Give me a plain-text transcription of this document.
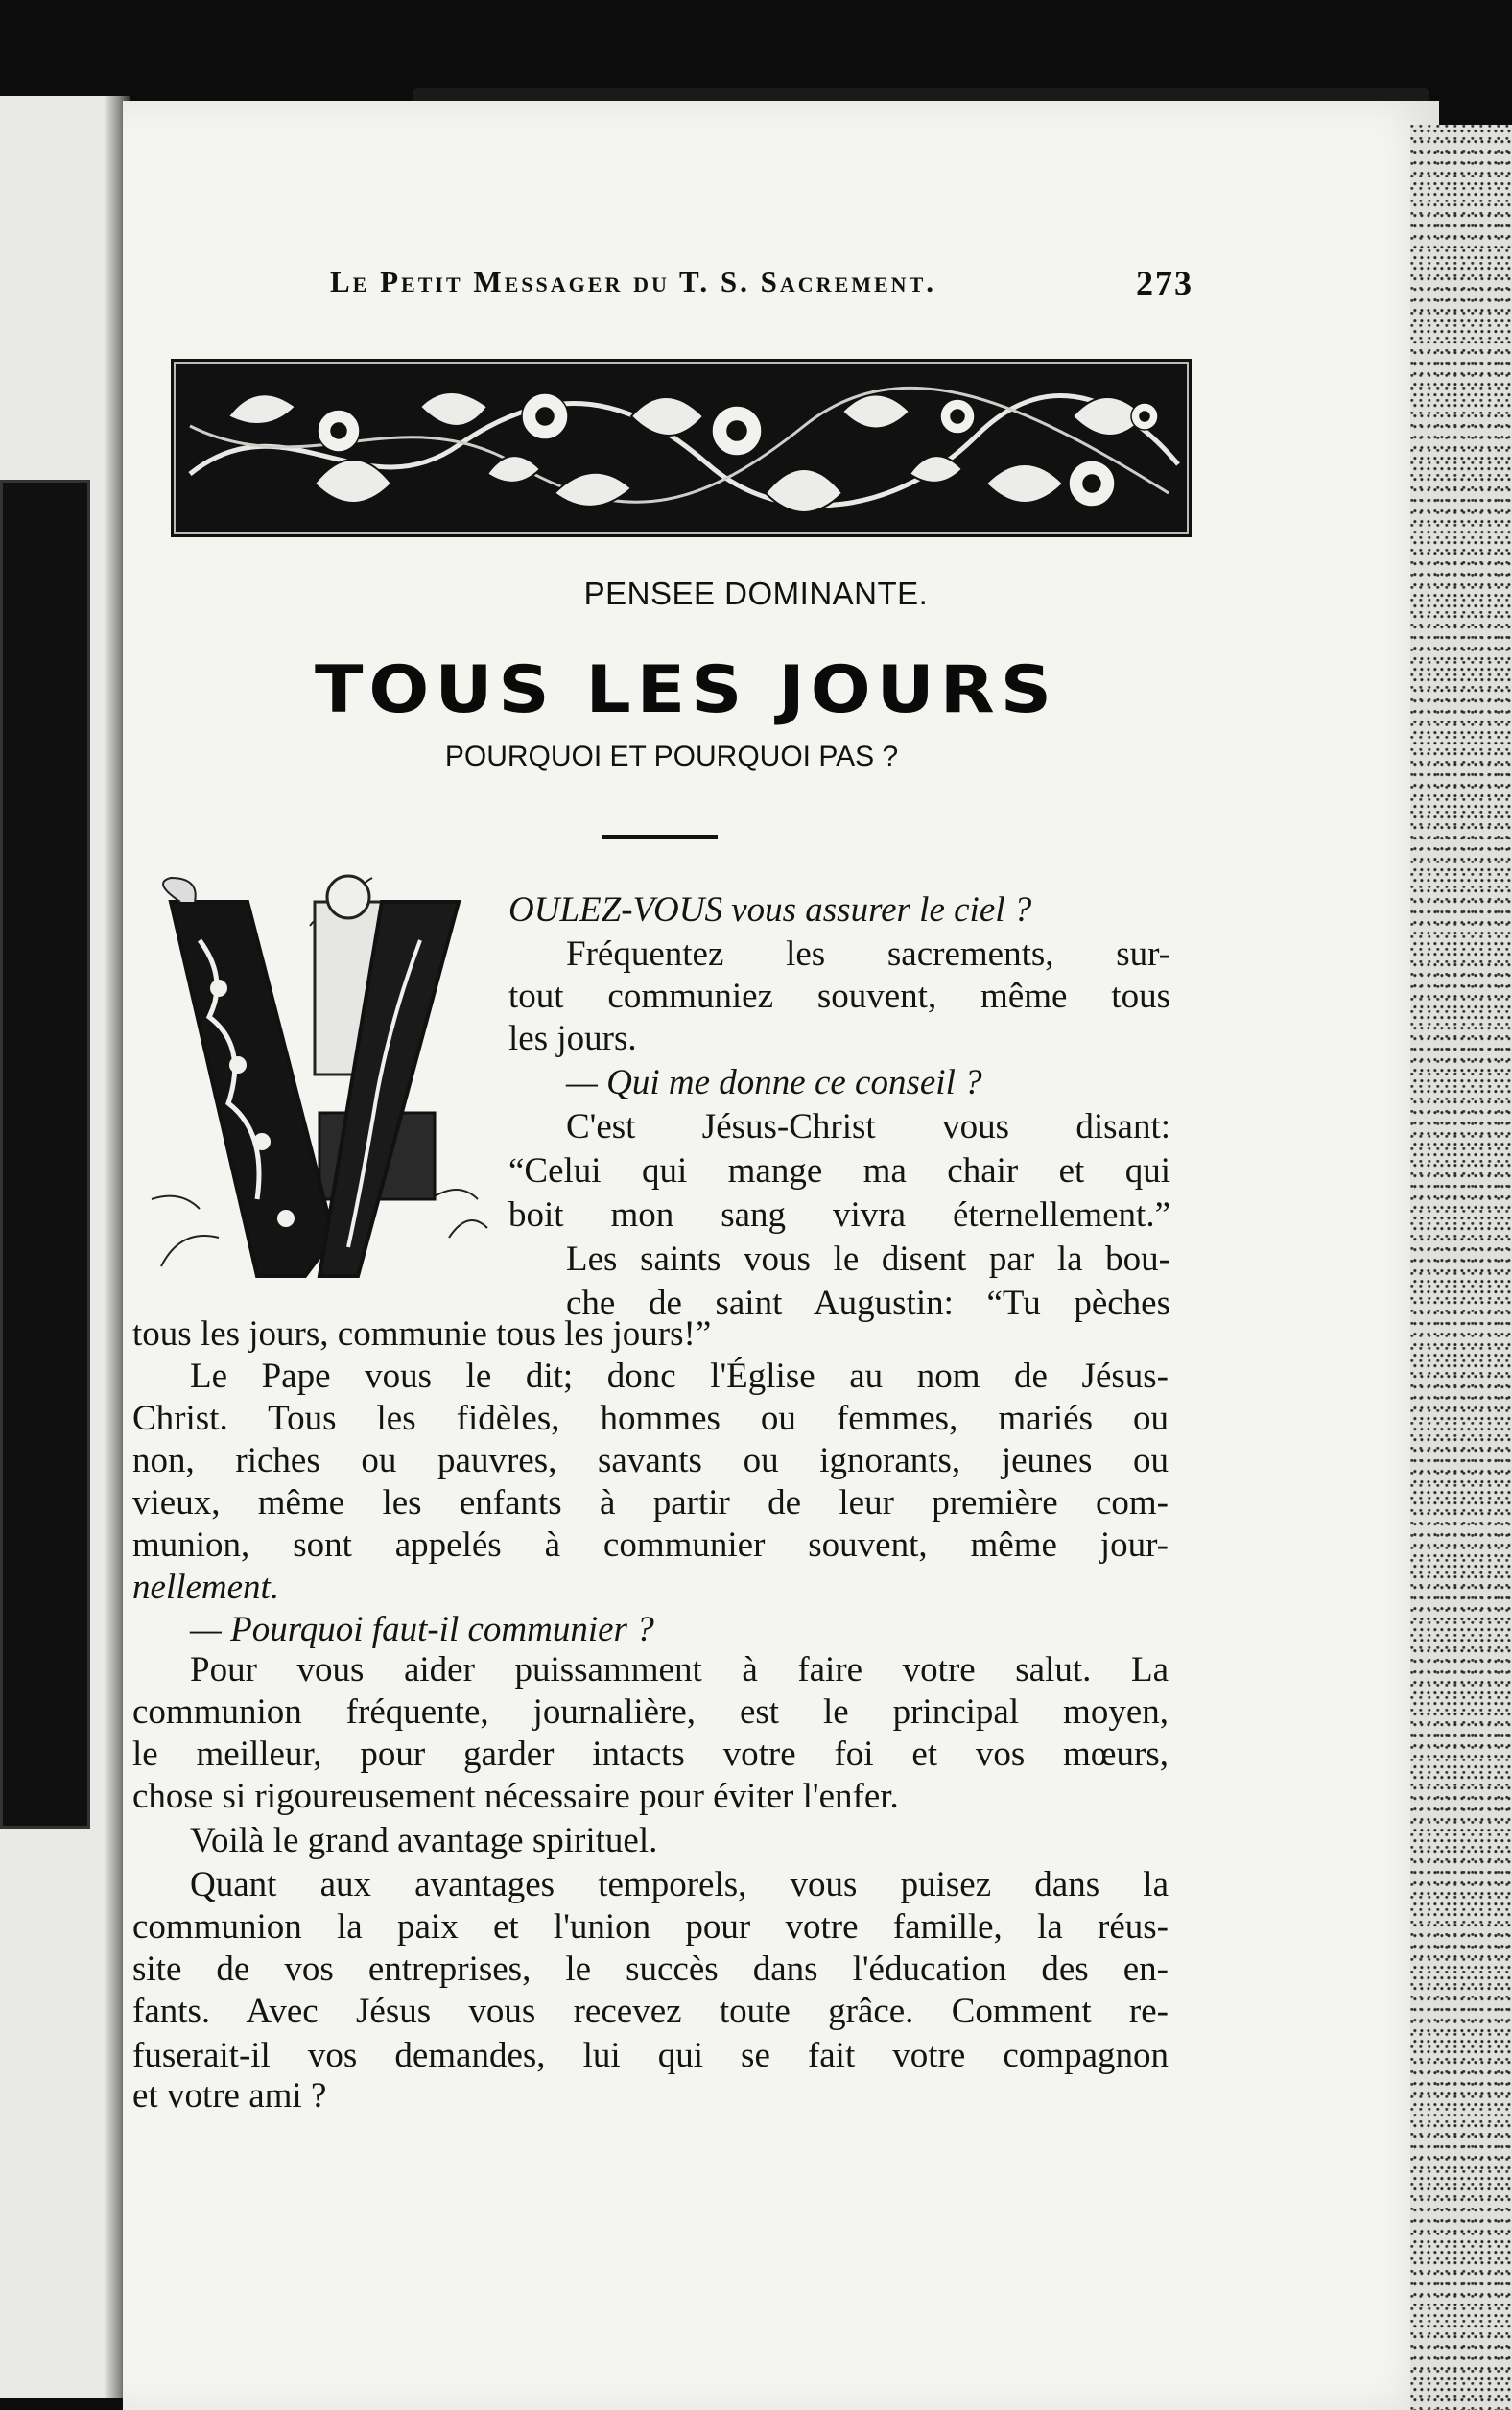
Le Petit Messager du T. S. Sacrement.	273
PENSEE DOMINANTE.
TOUS LES JOURS
POURQUOI ET POURQUOI PAS ?
V
OULEZ-VOUS vous assurer le ciel ?
Fréquentez les sacrements, sur-
tout communiez souvent, même tous
les jours.
— Qui me donne ce conseil ?
C'est Jésus-Christ vous disant:
“Celui qui mange ma chair et qui
boit mon sang vivra éternellement.”
Les saints vous le disent par la bou-
che de saint Augustin: “Tu pèches
tous les jours, communie tous les jours!”
Le Pape vous le dit; donc l'Église au nom de Jésus-
Christ. Tous les fidèles, hommes ou femmes, mariés ou
non, riches ou pauvres, savants ou ignorants, jeunes ou
vieux, même les enfants à partir de leur première com-
munion, sont appelés à communier souvent, même jour-
nellement.
— Pourquoi faut-il communier ?
Pour vous aider puissamment à faire votre salut. La
communion fréquente, journalière, est le principal moyen,
le meilleur, pour garder intacts votre foi et vos mœurs,
chose si rigoureusement nécessaire pour éviter l'enfer.
Voilà le grand avantage spirituel.
Quant aux avantages temporels, vous puisez dans la
communion la paix et l'union pour votre famille, la réus-
site de vos entreprises, le succès dans l'éducation des en-
fants. Avec Jésus vous recevez toute grâce. Comment re-
fuserait-il vos demandes, lui qui se fait votre compagnon
et votre ami ?
